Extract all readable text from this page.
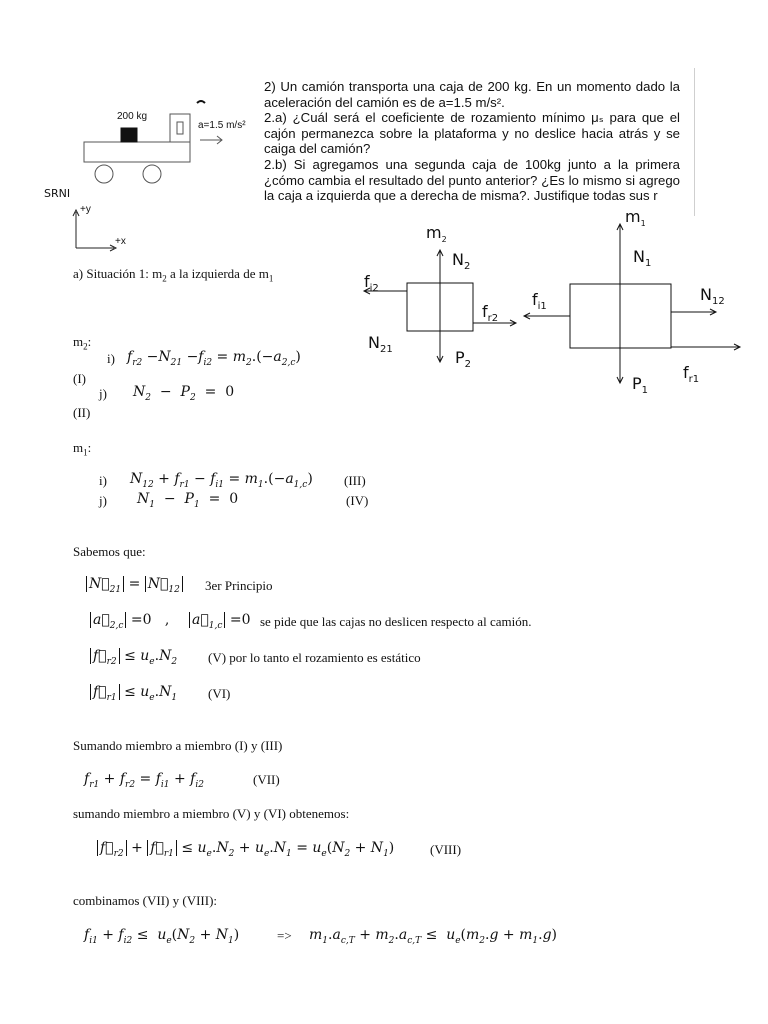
2) Un camión transporta una caja de 200 kg. En un momento dado la aceleración del camión es de a=1.5 m/s².

2.a) ¿Cuál será el coeficiente de rozamiento mínimo μₛ para que el cajón permanezca sobre la plataforma y no deslice hacia atrás y se caiga del camión?

2.b) Si agregamos una segunda caja de 100kg junto a la primera ¿cómo cambia el resultado del punto anterior? ¿Es lo mismo si agrego la caja a izquierda que a derecha de misma?. Justifique todas sus r

200 kg
a=1.5 m/s²
SRNI
+y
+x	$m_2$
$N_2$
$f_{i2}$
$f_{r2}$
$N_{21}$	$P_2$
$m_1$
$N_1$
$f_{i1}$
$N_{12}$
$f_{r1}$
$P_1$
a) Situación 1: $m_2$ a la izquierda de $m_1$
$m_2$:
i) $f_{r2} -N_{21} -f_{i2} = m_2.(-a_{2,c})$
(I)
j) $N_2 - P_2 = 0$
(II)
$m_1$:
i) $N_{12} + f_{r1} - f_{i1} = m_1.(-a_{1,c})$ (III)
j) $N_1 - P_1 = 0$	(IV)
Sabemos que:
$N⃗_{21}$ = $N⃗_{12}$ 3er Principio
$a⃗_{2,c} =0$   , $a⃗_{1,c} =0$ se pide que las cajas no deslicen respecto al camión.
$f⃗_{r2} \le u_e.N_2$ (V) por lo tanto el rozamiento es estático
$f⃗_{r1} \le u_e.N_1$ (VI)
Sumando miembro a miembro (I) y (III)
$f_{r1} + f_{r2} = f_{i1} + f_{i2}$	(VII)
sumando miembro a miembro (V) y (VI) obtenemos:
$f⃗_{r2}$ + $f⃗_{r1} \le u_e.N_2 + u_e.N_1 = u_e(N_2 + N_1)$	(VIII)
combinamos (VII) y (VIII):
$f_{i1} + f_{i2} \le u_e(N_2 + N_1)$	=> $m_1.a_{c,T} + m_2.a_{c,T} \le u_e(m_2.g + m_1.g)$
